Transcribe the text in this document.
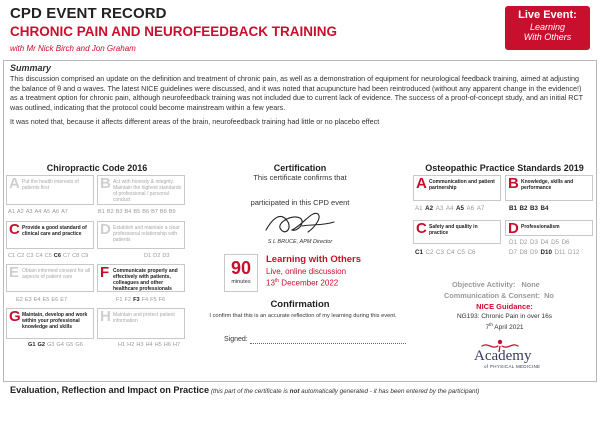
CPD EVENT RECORD
CHRONIC PAIN AND NEUROFEEDBACK TRAINING
with Mr Nick Birch and Jon Graham
Live Event:
Learning
With Others
Summary
This discussion comprised an update on the definition and treatment of chronic pain, as well as a demonstration of equipment for neurological feedback training, aimed at adjusting the balance of θ and α waves. The latest NICE guidelines were discussed, and it was noted that acupuncture had been reintroduced (without any apparent change in the evidence!) as a treatment option for chronic pain, although neurofeedback training was not included due to current lack of evidence. The success of a proof-of-concept study, and an initial RCT was outlined, indicating that the protocol could become mainstream within a few years.
It was noted that, because it affects different areas of the brain, neurofeedback training had little or no placebo effect
Chiropractic Code 2016	Certification	Osteopathic Practice Standards 2019
A Put the health interests of patients first	B Act with honesty & integrity. Maintain the highest standards of professional / personal conduct
A1 A2 A3 A4 A5 A6 A7	B1 B2 B3 B4 B5 B6 B7 B8 B9
C Provide a good standard of clinical care and practice	D Establish and maintain a clear professional relationship with patients
C1 C2 C3 C4 C5 C6 C7 C8 C9	D1 D2 D3
E Obtain informed consent for all aspects of patient care	F Communicate properly and effectively with patients, colleagues and other healthcare professionals
E2 E3 E4 E5 E6 E7	F1 F2 F3 F4 F5 F6
G Maintain, develop and work within your professional knowledge and skills
H Maintain and protect patient information
G1 G2 G3 G4 G5 G6	H1 H2 H3 H4 H5 H6 H7
This certificate confirms that
participated in this CPD event
S L BRUCE, APM Director
90
minutes
Learning with Others
Live, online discussion
13th December 2022
Confirmation
I confirm that this is an accurate reflection of my learning during this event.
Signed:
A Communication and patient partnership	B Knowledge, skills and performance
A1 A2 A3 A4 A5 A6 A7	B1 B2 B3 B4
C Safety and quality in practice	D Professionalism
C1 C2 C3 C4 C5 C6
D1 D2 D3 D4 D5 D6
D7 D8 D9 D10 D11 D12
Objective Activity: None
Communication & Consent: No
NICE Guidance:
NG193: Chronic Pain in over 16s
7th April 2021
Academy
of PHYSICAL MEDICINE
Evaluation, Reflection and Impact on Practice (this part of the certificate is not automatically generated - it has been entered by the participant)
